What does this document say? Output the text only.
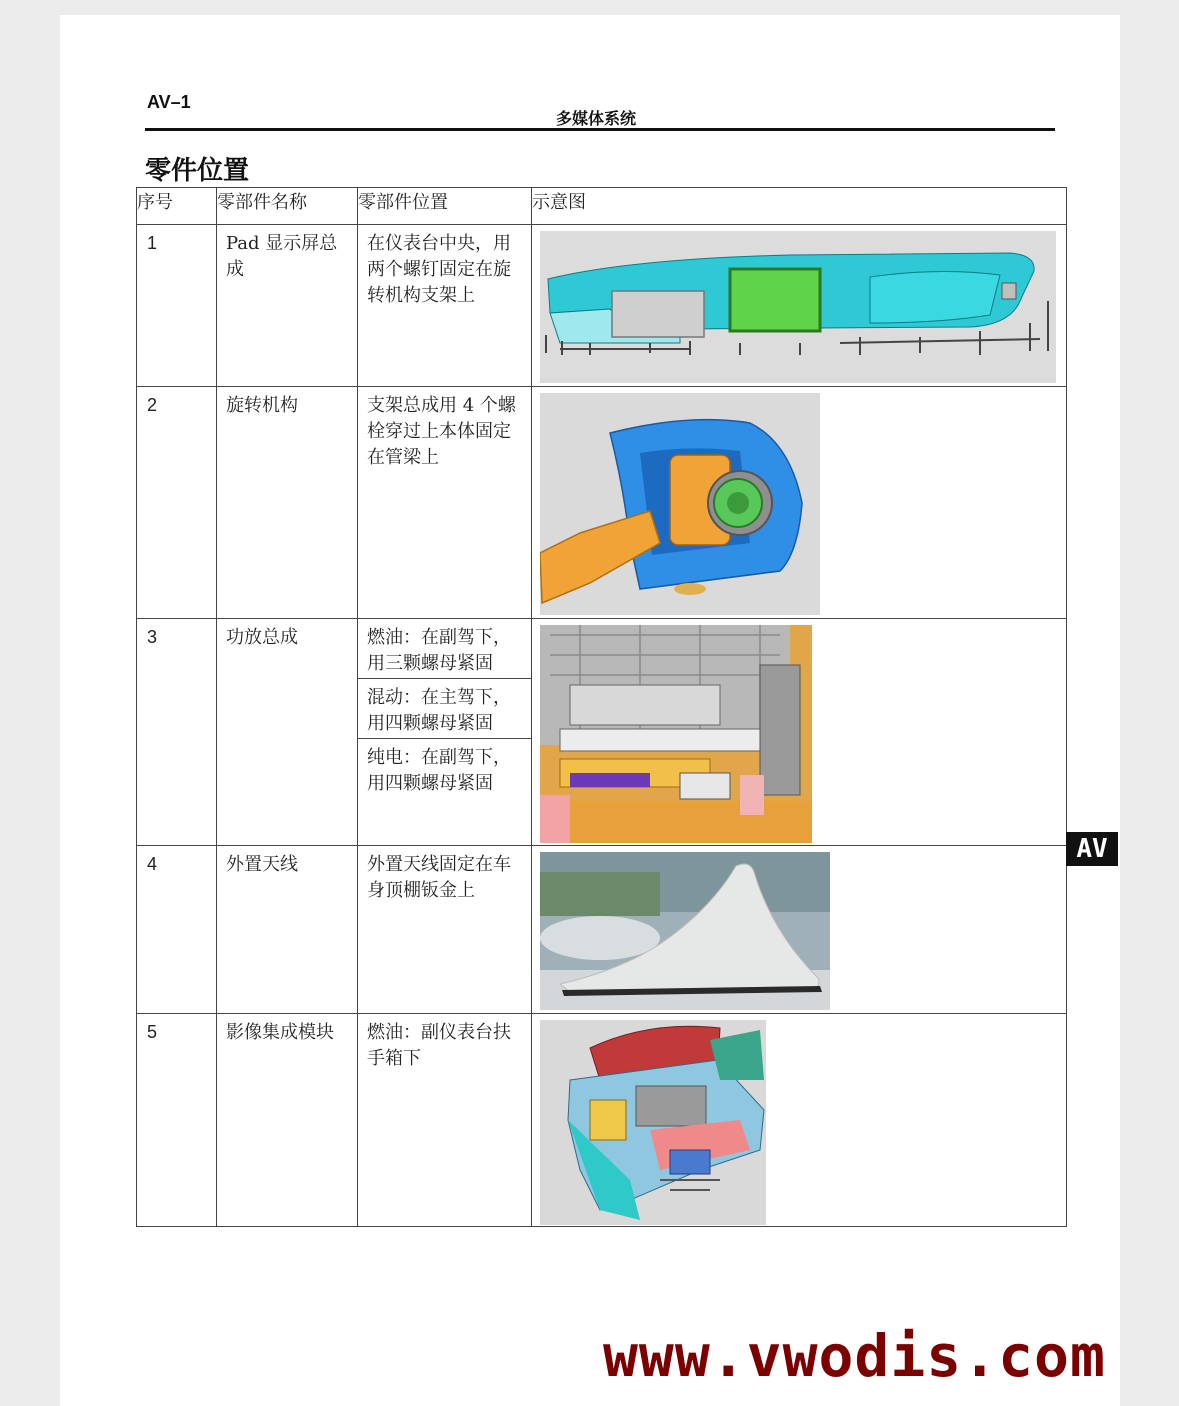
AV–1
多媒体系统
零件位置
序号	零部件名称	零部件位置	示意图

1	Pad 显示屏总成	在仪表台中央，用两个螺钉固定在旋转机构支架上

2	旋转机构	支架总成用 4 个螺栓穿过上本体固定在管梁上

3	功放总成	燃油：在副驾下，用三颗螺母紧固

		混动：在主驾下，用四颗螺母紧固	

		纯电：在副驾下，用四颗螺母紧固	

4	外置天线	外置天线固定在车身顶棚钣金上

5	影像集成模块	燃油：副仪表台扶手箱下

AV
www.vwodis.com
